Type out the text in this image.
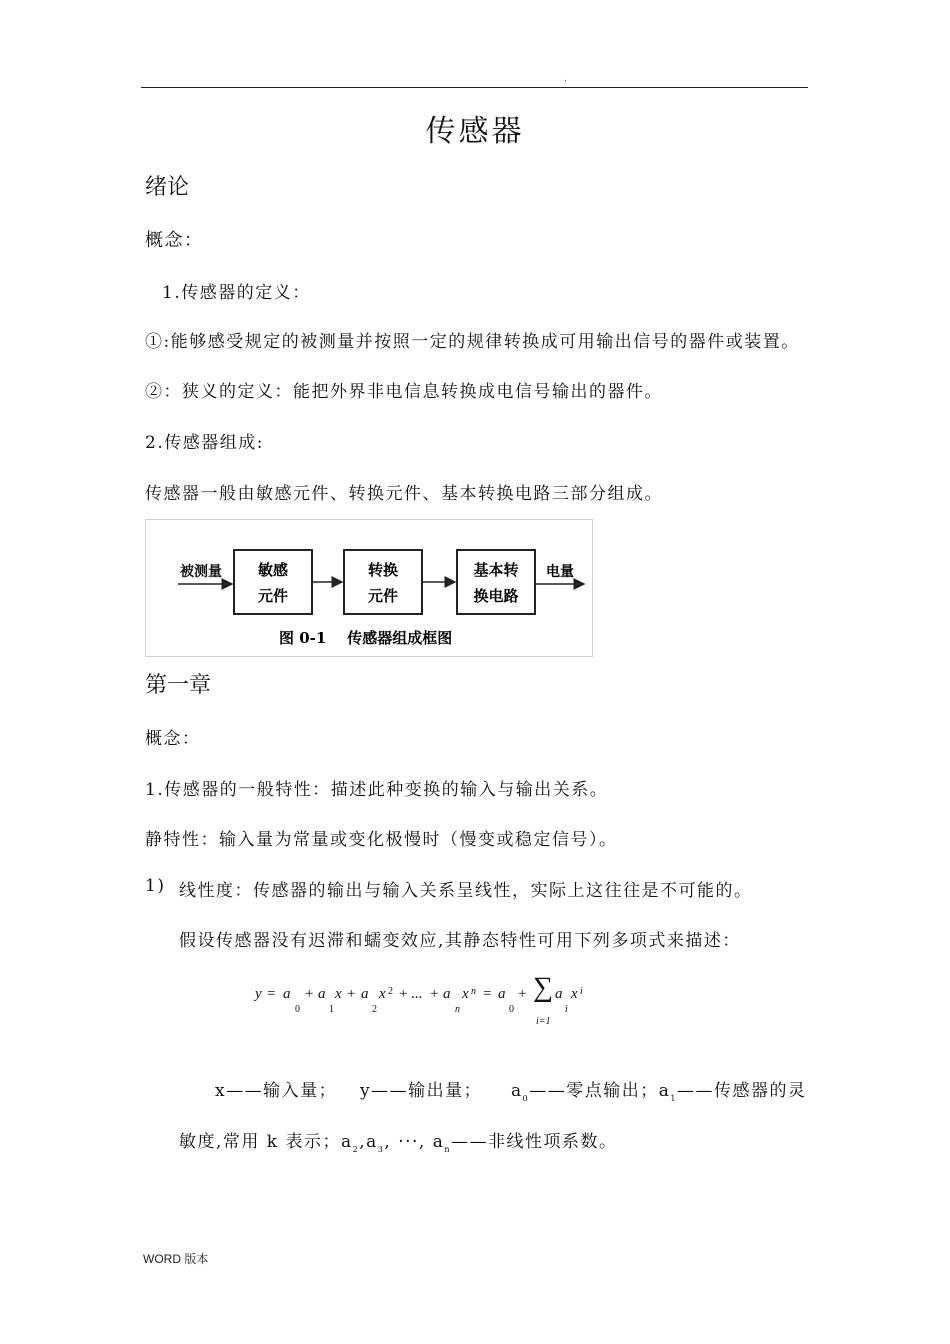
.
传感器
绪论
概念：
1.传感器的定义：
①:能够感受规定的被测量并按照一定的规律转换成可用输出信号的器件或装置。
②：狭义的定义：能把外界非电信息转换成电信号输出的器件。
2.传感器组成:
传感器一般由敏感元件、转换元件、基本转换电路三部分组成。
被测量 敏感
元件
转换
元件
基本转
换电路
电量
图 0-1    传感器组成框图
第一章
概念：
1.传感器的一般特性：描述此种变换的输入与输出关系。
静特性：输入量为常量或变化极慢时（慢变或稳定信号）。
1) 线性度：传感器的输出与输入关系呈线性，实际上这往往是不可能的。
假设传感器没有迟滞和蠕变效应,其静态特性可用下列多项式来描述：
y = a
0
+ a
1
x + a
2
x 2 + ... + a
n
x n = a
0
+ ∑
i=1
a
i
x i
x——输入量； y——输出量； $a_0——$零点输出；$a_1——$传感器的灵
敏度,常用 k 表示；$a_2,a_3$, ···, $a_n——$非线性项系数。
WORD 版本
